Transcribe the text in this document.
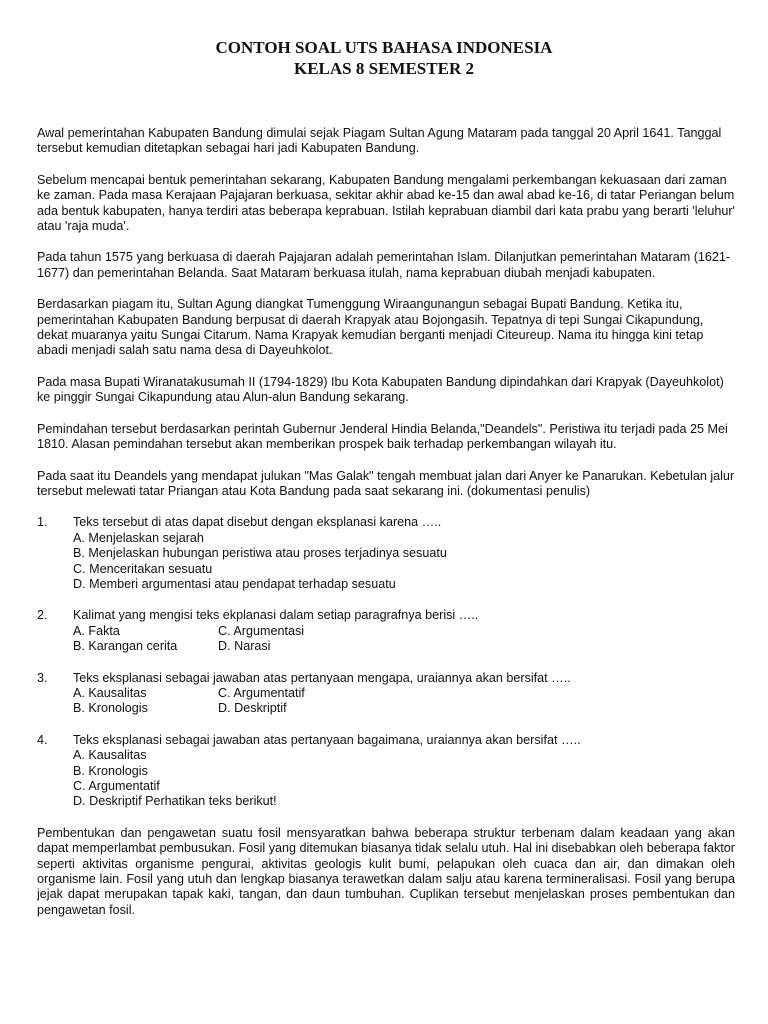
CONTOH SOAL UTS BAHASA INDONESIA
KELAS 8 SEMESTER 2

Awal pemerintahan Kabupaten Bandung dimulai sejak Piagam Sultan Agung Mataram pada tanggal 20 April 1641. Tanggal tersebut kemudian ditetapkan sebagai hari jadi Kabupaten Bandung.

Sebelum mencapai bentuk pemerintahan sekarang, Kabupaten Bandung mengalami perkembangan kekuasaan dari zaman ke zaman. Pada masa Kerajaan Pajajaran berkuasa, sekitar akhir abad ke-15 dan awal abad ke-16, di tatar Periangan belum ada bentuk kabupaten, hanya terdiri atas beberapa keprabuan. Istilah keprabuan diambil dari kata prabu yang berarti 'leluhur' atau 'raja muda'.

Pada tahun 1575 yang berkuasa di daerah Pajajaran adalah pemerintahan Islam. Dilanjutkan pemerintahan Mataram (1621-1677) dan pemerintahan Belanda. Saat Mataram berkuasa itulah, nama keprabuan diubah menjadi kabupaten.

Berdasarkan piagam itu, Sultan Agung diangkat Tumenggung Wiraangunangun sebagai Bupati Bandung. Ketika itu, pemerintahan Kabupaten Bandung berpusat di daerah Krapyak atau Bojongasih. Tepatnya di tepi Sungai Cikapundung, dekat muaranya yaitu Sungai Citarum. Nama Krapyak kemudian berganti menjadi Citeureup. Nama itu hingga kini tetap abadi menjadi salah satu nama desa di Dayeuhkolot.

Pada masa Bupati Wiranatakusumah II (1794-1829) Ibu Kota Kabupaten Bandung dipindahkan dari Krapyak (Dayeuhkolot) ke pinggir Sungai Cikapundung atau Alun-alun Bandung sekarang.

Pemindahan tersebut berdasarkan perintah Gubernur Jenderal Hindia Belanda,"Deandels". Peristiwa itu terjadi pada 25 Mei 1810. Alasan pemindahan tersebut akan memberikan prospek baik terhadap perkembangan wilayah itu.

Pada saat itu Deandels yang mendapat julukan "Mas Galak" tengah membuat jalan dari Anyer ke Panarukan. Kebetulan jalur tersebut melewati tatar Priangan atau Kota Bandung pada saat sekarang ini. (dokumentasi penulis)

1.	Teks tersebut di atas dapat disebut dengan eksplanasi karena …..
A. Menjelaskan sejarah
B. Menjelaskan hubungan peristiwa atau proses terjadinya sesuatu
C. Menceritakan sesuatu
D. Memberi argumentasi atau pendapat terhadap sesuatu
2.	Kalimat yang mengisi teks ekplanasi dalam setiap paragrafnya berisi …..
A. Fakta	C. Argumentasi
B. Karangan cerita	D. Narasi
3.	Teks eksplanasi sebagai jawaban atas pertanyaan mengapa, uraiannya akan bersifat …..
A. Kausalitas	C. Argumentatif
B. Kronologis	D. Deskriptif
4.	Teks eksplanasi sebagai jawaban atas pertanyaan bagaimana, uraiannya akan bersifat …..
A. Kausalitas
B. Kronologis
C. Argumentatif
D. Deskriptif Perhatikan teks berikut!

Pembentukan dan pengawetan suatu fosil mensyaratkan bahwa beberapa struktur terbenam dalam keadaan yang akan dapat memperlambat pembusukan. Fosil yang ditemukan biasanya tidak selalu utuh. Hal ini disebabkan oleh beberapa faktor seperti aktivitas organisme pengurai, aktivitas geologis kulit bumi, pelapukan oleh cuaca dan air, dan dimakan oleh organisme lain. Fosil yang utuh dan lengkap biasanya terawetkan dalam salju atau karena termineralisasi. Fosil yang berupa jejak dapat merupakan tapak kaki, tangan, dan daun tumbuhan. Cuplikan tersebut menjelaskan proses pembentukan dan pengawetan fosil.
